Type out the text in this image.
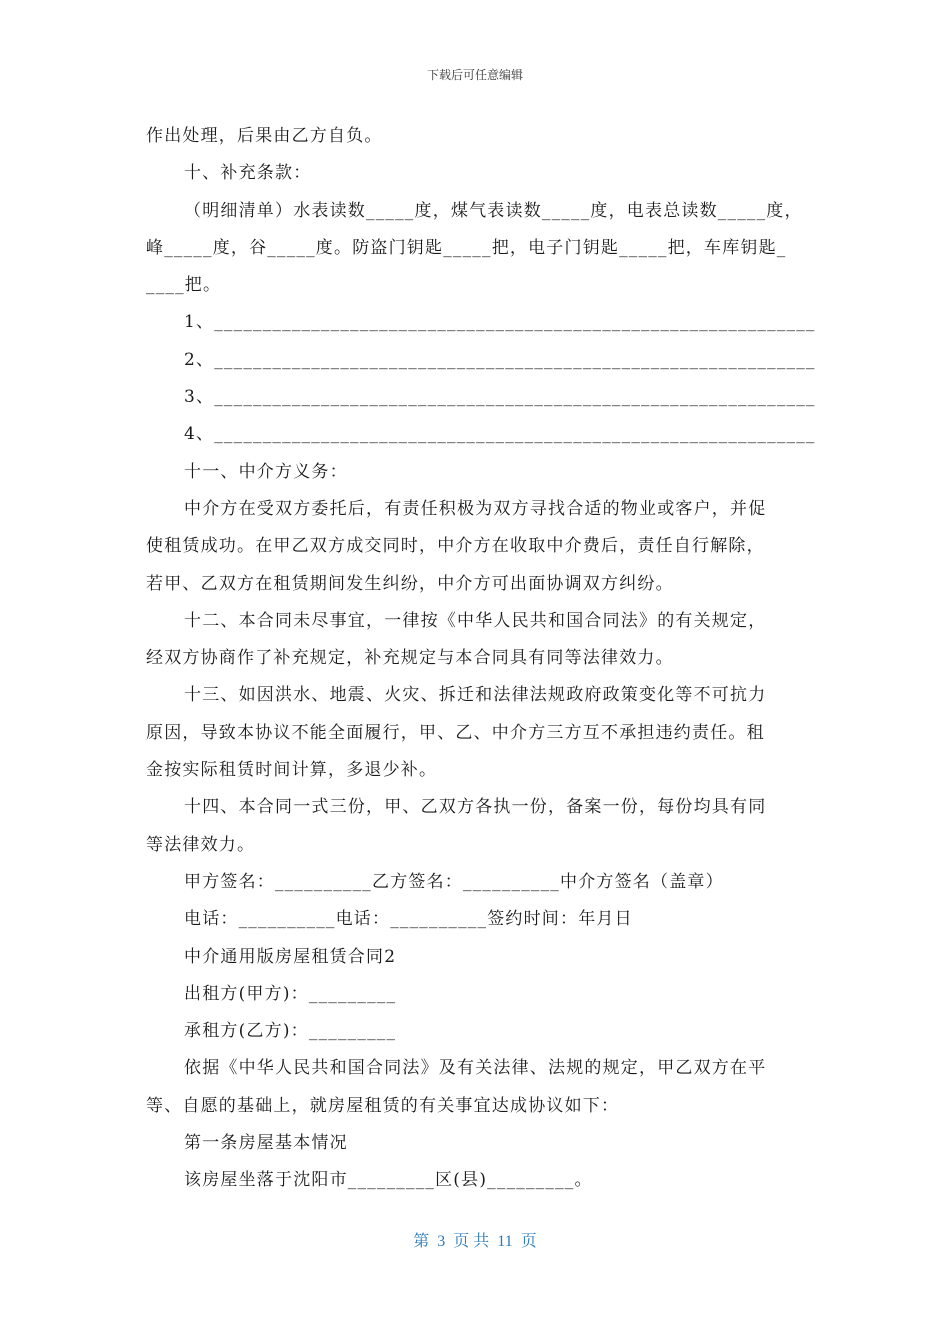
下载后可任意编辑

作出处理，后果由乙方自负。

十、补充条款：

（明细清单）水表读数_____度，煤气表读数_____度，电表总读数_____度，

峰_____度，谷_____度。防盗门钥匙_____把，电子门钥匙_____把，车库钥匙_

____把。

1、______________________________________________________________

2、______________________________________________________________

3、______________________________________________________________

4、______________________________________________________________

十一、中介方义务：

中介方在受双方委托后，有责任积极为双方寻找合适的物业或客户，并促

使租赁成功。在甲乙双方成交同时，中介方在收取中介费后，责任自行解除，

若甲、乙双方在租赁期间发生纠纷，中介方可出面协调双方纠纷。

十二、本合同未尽事宜，一律按《中华人民共和国合同法》的有关规定，

经双方协商作了补充规定，补充规定与本合同具有同等法律效力。

十三、如因洪水、地震、火灾、拆迁和法律法规政府政策变化等不可抗力

原因，导致本协议不能全面履行，甲、乙、中介方三方互不承担违约责任。租

金按实际租赁时间计算，多退少补。

十四、本合同一式三份，甲、乙双方各执一份，备案一份，每份均具有同

等法律效力。

甲方签名：__________乙方签名：__________中介方签名（盖章）

电话：__________电话：__________签约时间：年月日

中介通用版房屋租赁合同2

出租方(甲方)：_________

承租方(乙方)：_________

依据《中华人民共和国合同法》及有关法律、法规的规定，甲乙双方在平

等、自愿的基础上，就房屋租赁的有关事宜达成协议如下：

第一条房屋基本情况

该房屋坐落于沈阳市_________区(县)_________。

第  3  页 共  11  页
